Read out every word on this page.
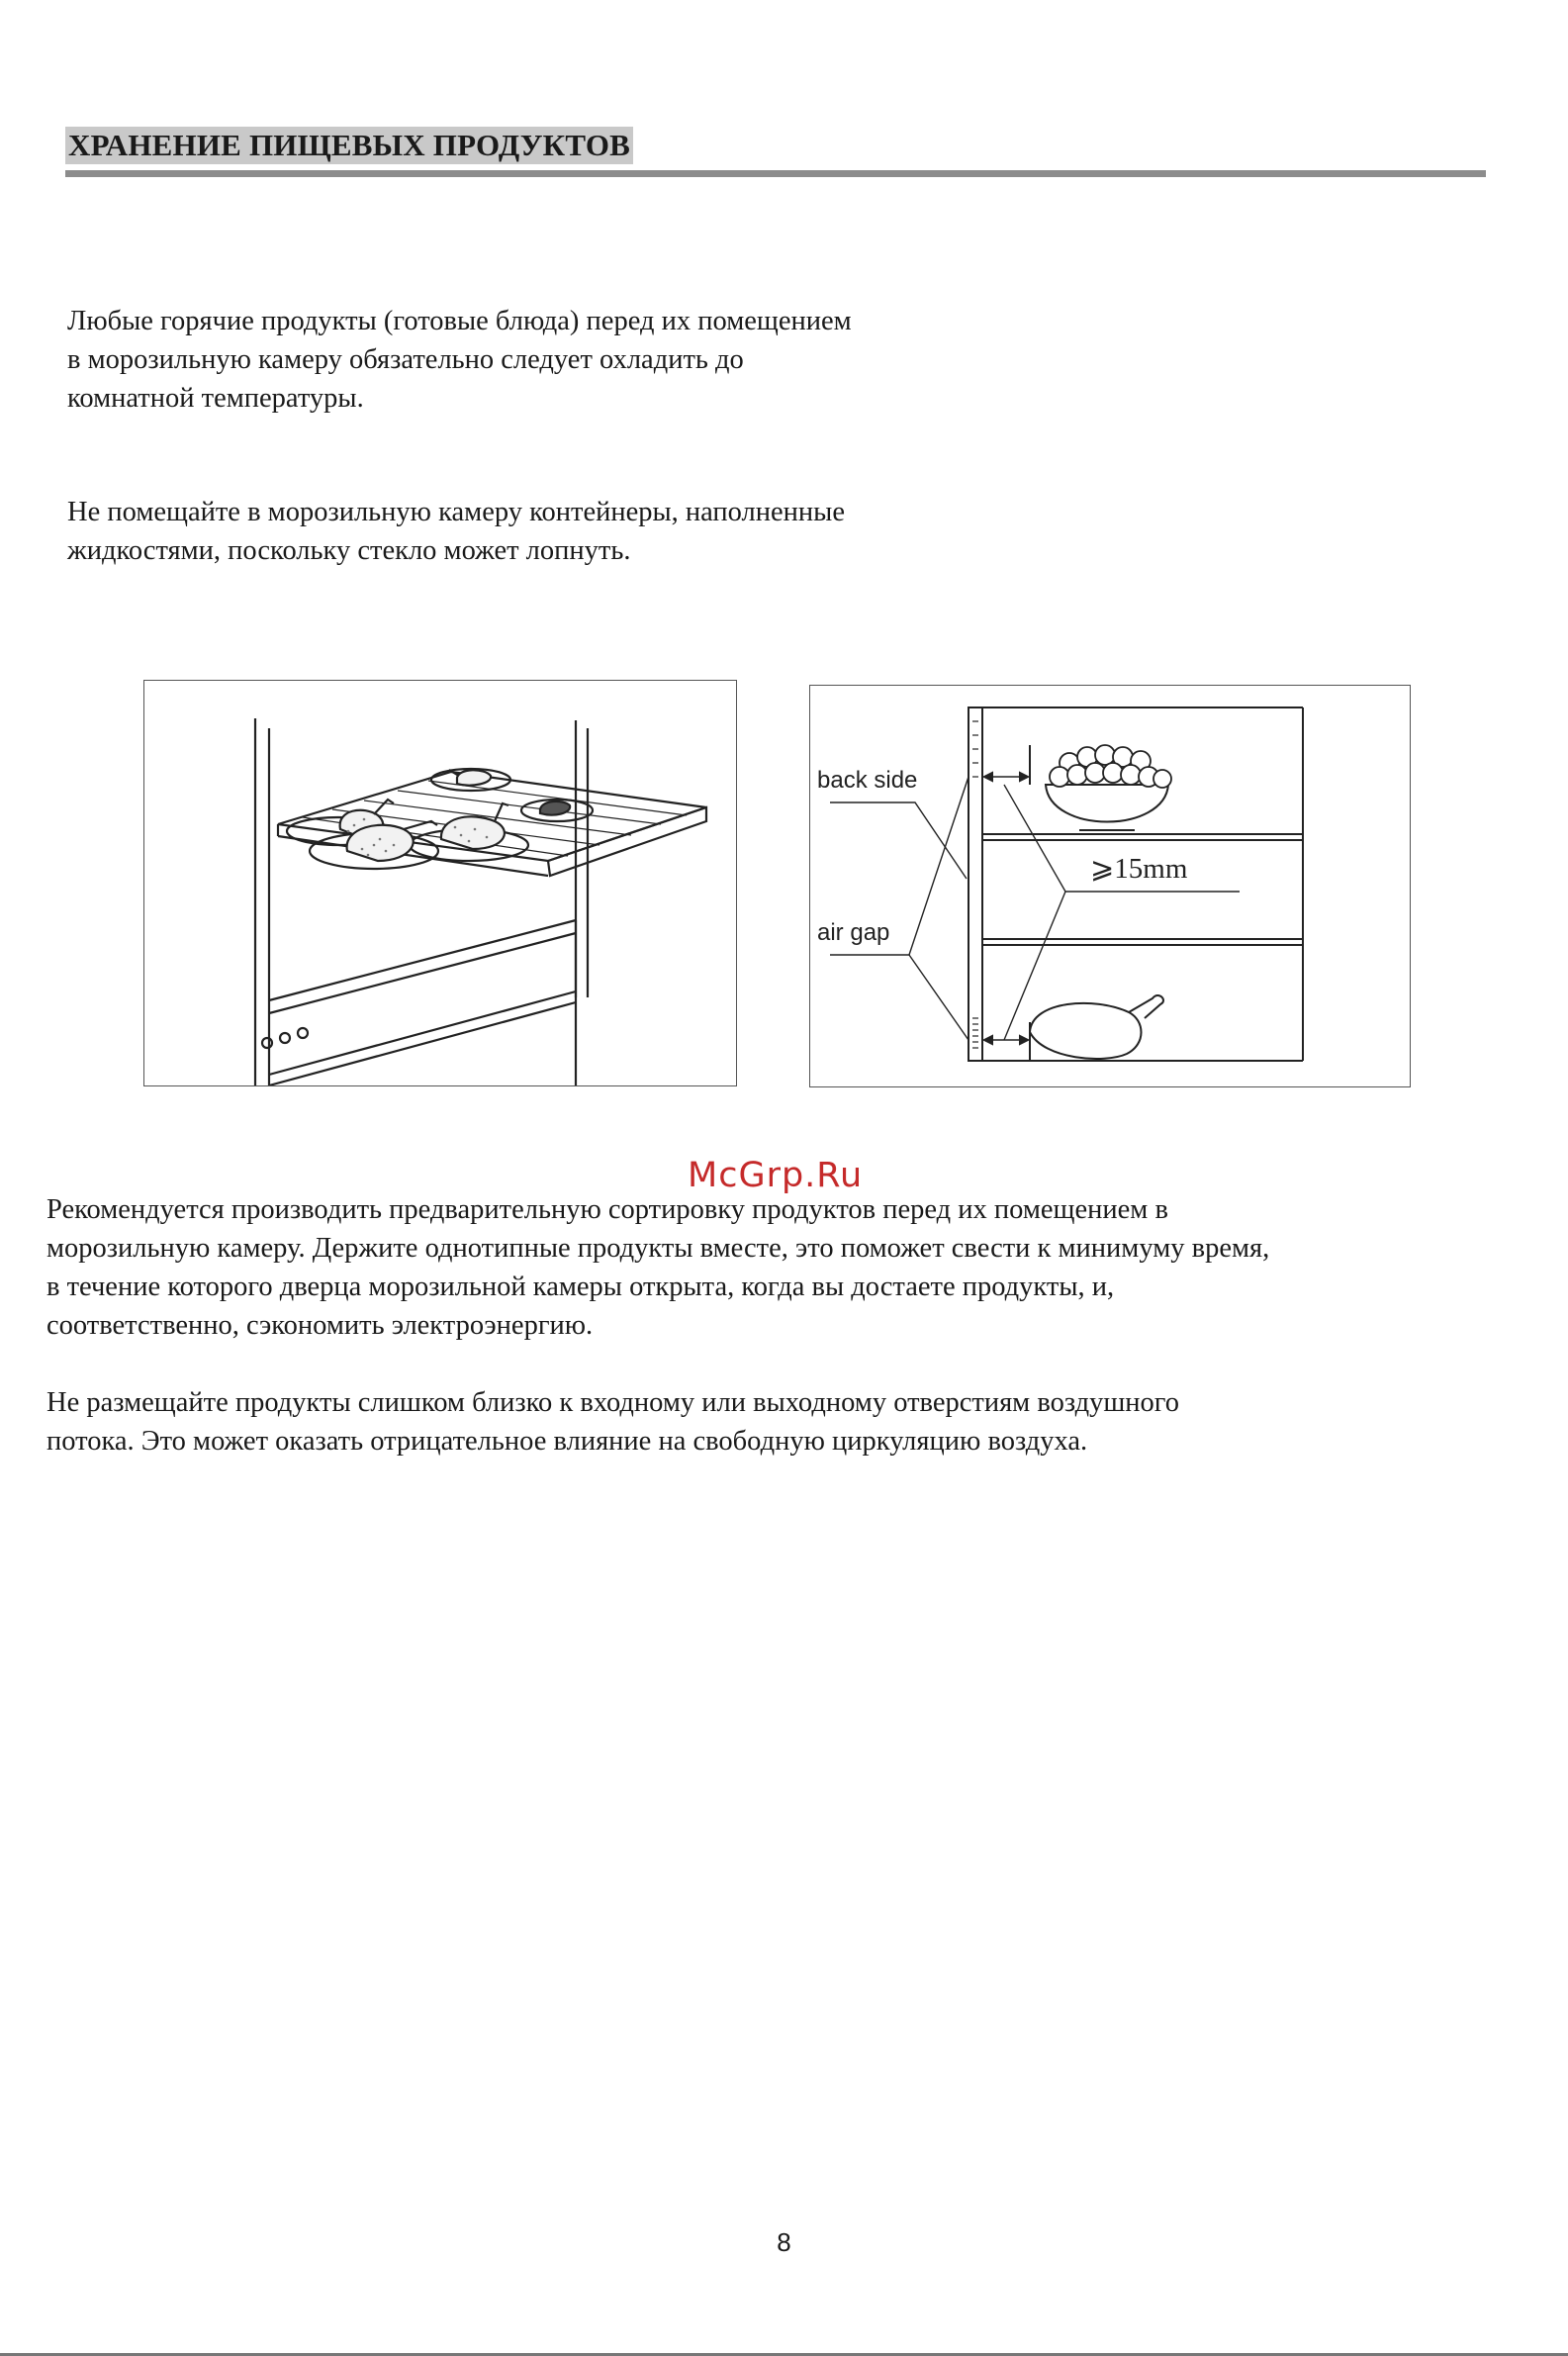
ХРАНЕНИЕ ПИЩЕВЫХ ПРОДУКТОВ

Любые горячие продукты (готовые блюда) перед их помещением
в морозильную камеру обязательно следует охладить до
комнатной температуры.

Не помещайте в морозильную камеру контейнеры, наполненные
жидкостями, поскольку стекло может лопнуть.

back side
air gap
⩾15mm

McGrp.Ru

Рекомендуется производить предварительную сортировку продуктов перед их помещением в
морозильную камеру. Держите однотипные продукты вместе, это поможет свести к минимуму время,
в течение которого дверца морозильной камеры открыта, когда вы достаете продукты, и,
соответственно, сэкономить электроэнергию.

Не размещайте продукты слишком близко к входному или выходному отверстиям воздушного
потока. Это может оказать отрицательное влияние на свободную циркуляцию воздуха.

8
